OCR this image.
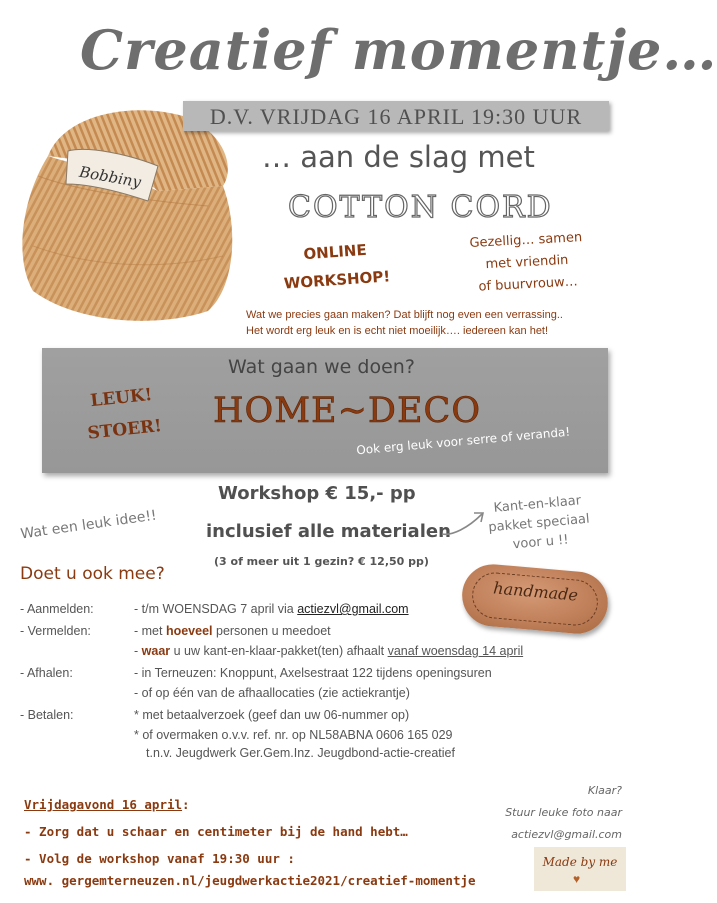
Creatief momentje…
Bobbiny
D.V. VRIJDAG 16 APRIL 19:30 UUR
… aan de slag met
COTTON CORD
ONLINE
WORKSHOP!
Gezellig… samen
met vriendin
of buurvrouw…
Wat we precies gaan maken? Dat blijft nog even een verrassing..
Het wordt erg leuk en is echt niet moeilijk…. iedereen kan het!
Wat gaan we doen?
LEUK!
STOER!	HOME~DECO
Ook erg leuk voor serre of veranda!
Workshop € 15,- pp
inclusief alle materialen
(3 of meer uit 1 gezin? € 12,50 pp)
Wat een leuk idee!!
Kant-en-klaar
pakket speciaal
voor u !!
handmade
Doet u ook mee?
- Aanmelden:	- t/m WOENSDAG 7 april via actiezvl@gmail.com
- Vermelden:	- met hoeveel personen u meedoet
- waar u uw kant-en-klaar-pakket(ten) afhaalt vanaf woensdag 14 april
- Afhalen:	- in Terneuzen: Knoppunt, Axelsestraat 122 tijdens openingsuren
- of op één van de afhaallocaties (zie actiekrantje)
- Betalen:	* met betaalverzoek (geef dan uw 06-nummer op)
* of overmaken o.v.v. ref. nr. op NL58ABNA 0606 165 029
t.n.v. Jeugdwerk Ger.Gem.Inz. Jeugdbond-actie-creatief
Vrijdagavond 16 april:
- Zorg dat u schaar en centimeter bij de hand hebt…
- Volg de workshop vanaf 19:30 uur :
www. gergemterneuzen.nl/jeugdwerkactie2021/creatief-momentje
Klaar?
Stuur leuke foto naar
actiezvl@gmail.com
Made by me
♥
